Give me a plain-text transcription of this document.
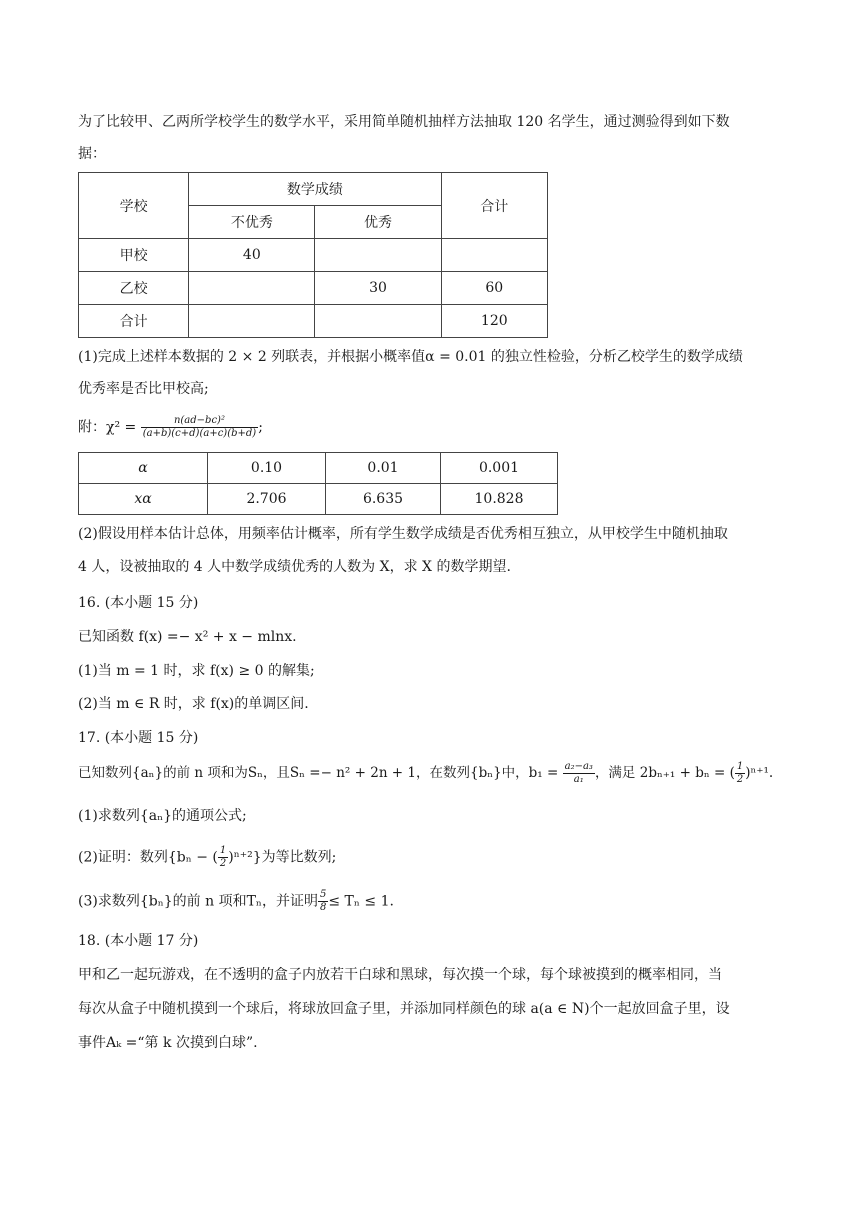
为了比较甲、乙两所学校学生的数学水平，采用简单随机抽样方法抽取 120 名学生，通过测验得到如下数
据：
学校	数学成绩		合计
	不优秀	优秀	
甲校	40		
乙校		30	60
合计			120
(1)完成上述样本数据的 2 × 2 列联表，并根据小概率值α = 0.01 的独立性检验，分析乙校学生的数学成绩
优秀率是否比甲校高;
附：$\chi^2 = \frac{\text{n(ad−bc)²}}{(a+b)(c+d)(a+c)(b+d)}$ ;
α	0.10	0.01	0.001
xα	2.706	6.635	10.828
(2)假设用样本估计总体，用频率估计概率，所有学生数学成绩是否优秀相互独立，从甲校学生中随机抽取
4 人，设被抽取的 4 人中数学成绩优秀的人数为 X，求 X 的数学期望.
16. (本小题 15 分)
已知函数 f(x) =− x² + x − mlnx.
(1)当 m = 1 时，求 f(x) ≥ 0 的解集;
(2)当 m ∈ R 时，求 f(x)的单调区间.
17. (本小题 15 分)
已知数列{aₙ}的前 n 项和为Sₙ，且Sₙ =− n² + 2n + 1，在数列{bₙ}中，$b_1 = \frac{\text{a₂−a₃}}{\text{a₁}}$ ，满足 2bₙ₊₁ + bₙ = ( $\frac{1}{2} )^{n+1}$.
(1)求数列{aₙ}的通项公式;
(2)证明：数列{bₙ − ( $\frac{1}{2} )^{n+2}$}为等比数列;
(3)求数列{bₙ}的前 n 项和Tₙ，并证明 $\frac{5}{8} \le T_n \le 1$.
18. (本小题 17 分)
甲和乙一起玩游戏，在不透明的盒子内放若干白球和黑球，每次摸一个球，每个球被摸到的概率相同，当
每次从盒子中随机摸到一个球后，将球放回盒子里，并添加同样颜色的球 a(a ∈ N)个一起放回盒子里，设
事件Aₖ =“第 k 次摸到白球”.
